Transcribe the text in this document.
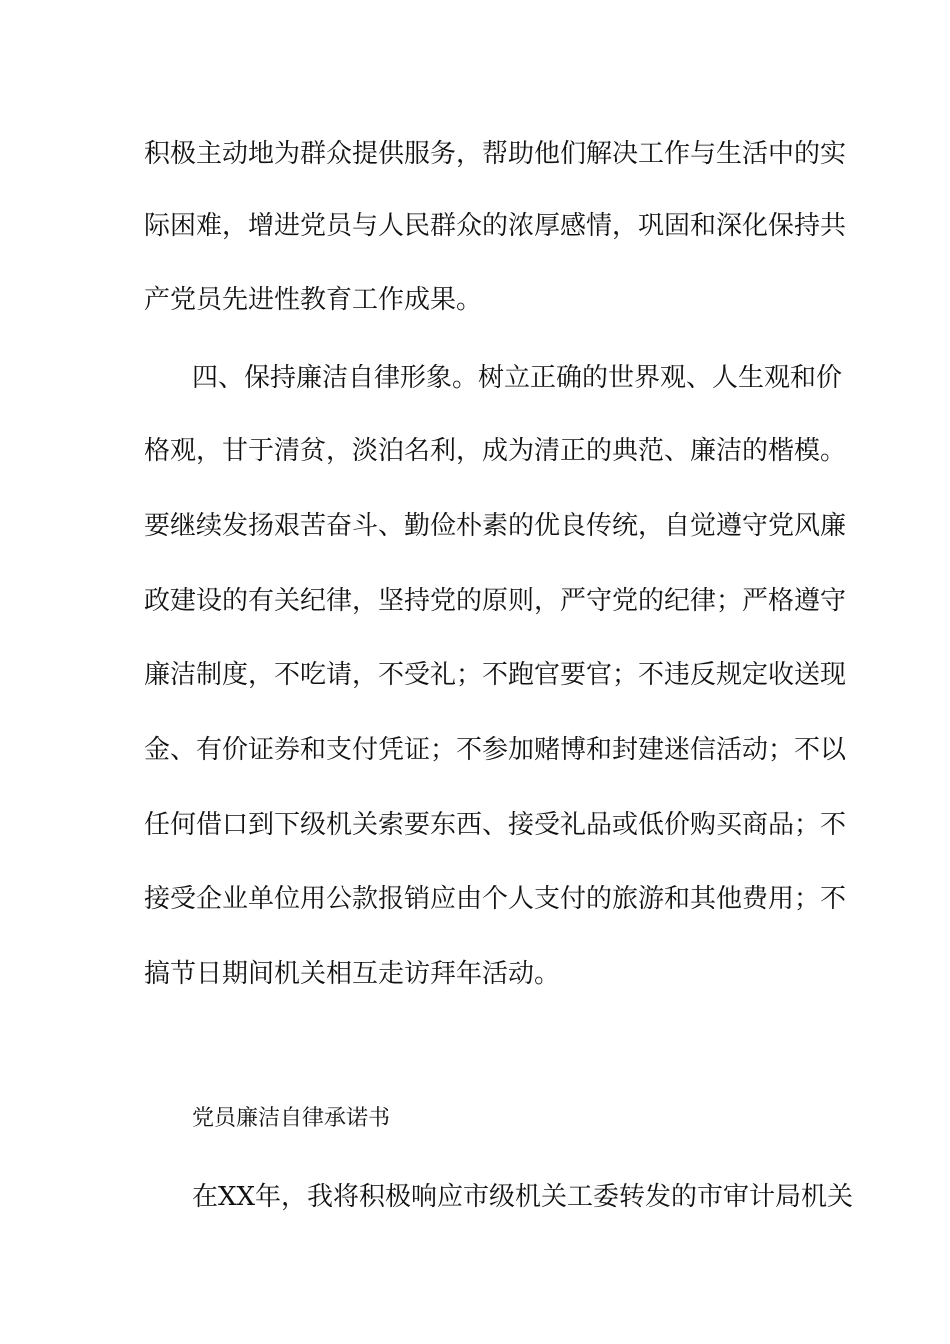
积极主动地为群众提供服务，帮助他们解决工作与生活中的实
际困难，增进党员与人民群众的浓厚感情，巩固和深化保持共
产党员先进性教育工作成果。
四、保持廉洁自律形象。树立正确的世界观、人生观和价
格观，甘于清贫，淡泊名利，成为清正的典范、廉洁的楷模。
要继续发扬艰苦奋斗、勤俭朴素的优良传统，自觉遵守党风廉
政建设的有关纪律，坚持党的原则，严守党的纪律；严格遵守
廉洁制度，不吃请，不受礼；不跑官要官；不违反规定收送现
金、有价证券和支付凭证；不参加赌博和封建迷信活动；不以
任何借口到下级机关索要东西、接受礼品或低价购买商品；不
接受企业单位用公款报销应由个人支付的旅游和其他费用；不
搞节日期间机关相互走访拜年活动。
党员廉洁自律承诺书
在XX年，我将积极响应市级机关工委转发的市审计局机关
